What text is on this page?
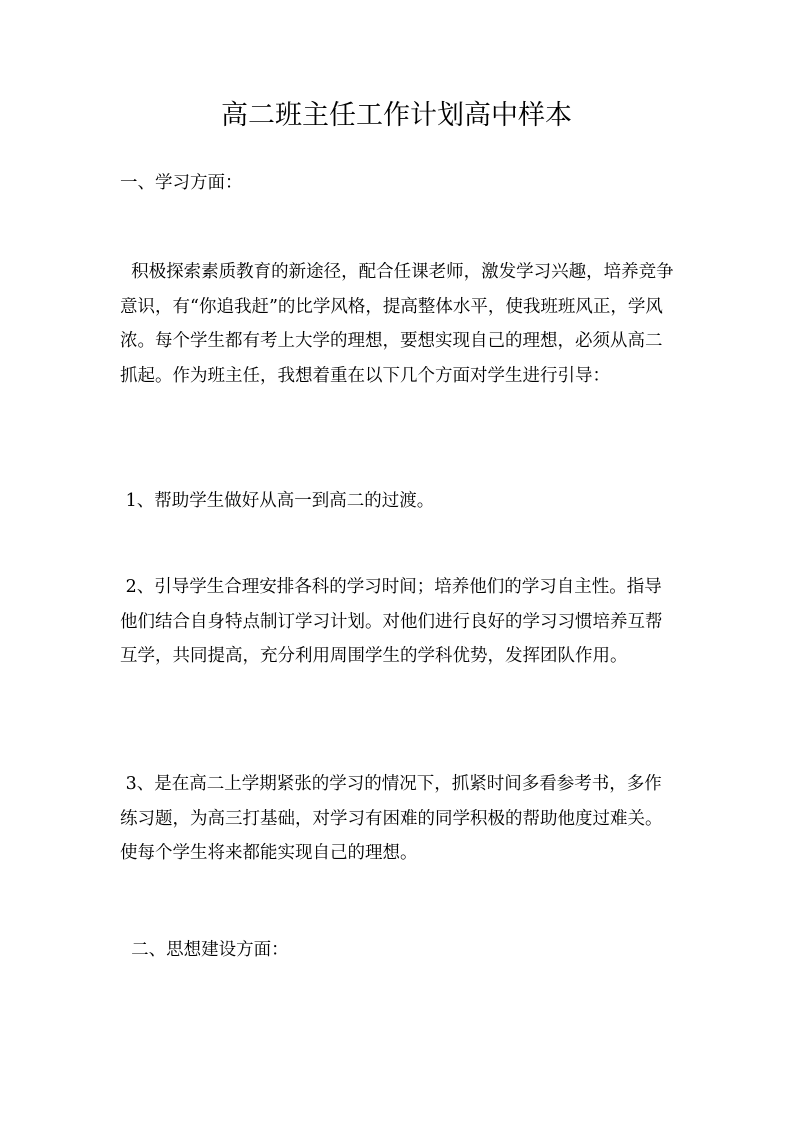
高二班主任工作计划高中样本

一、学习方面：

积极探索素质教育的新途径，配合任课老师，激发学习兴趣，培养竞争意识，有“你追我赶”的比学风格，提高整体水平，使我班班风正，学风浓。每个学生都有考上大学的理想，要想实现自己的理想，必须从高二抓起。作为班主任，我想着重在以下几个方面对学生进行引导：

1、帮助学生做好从高一到高二的过渡。

2、引导学生合理安排各科的学习时间；培养他们的学习自主性。指导他们结合自身特点制订学习计划。对他们进行良好的学习习惯培养互帮互学，共同提高，充分利用周围学生的学科优势，发挥团队作用。

3、是在高二上学期紧张的学习的情况下，抓紧时间多看参考书，多作练习题，为高三打基础，对学习有困难的同学积极的帮助他度过难关。使每个学生将来都能实现自己的理想。

二、思想建设方面：
